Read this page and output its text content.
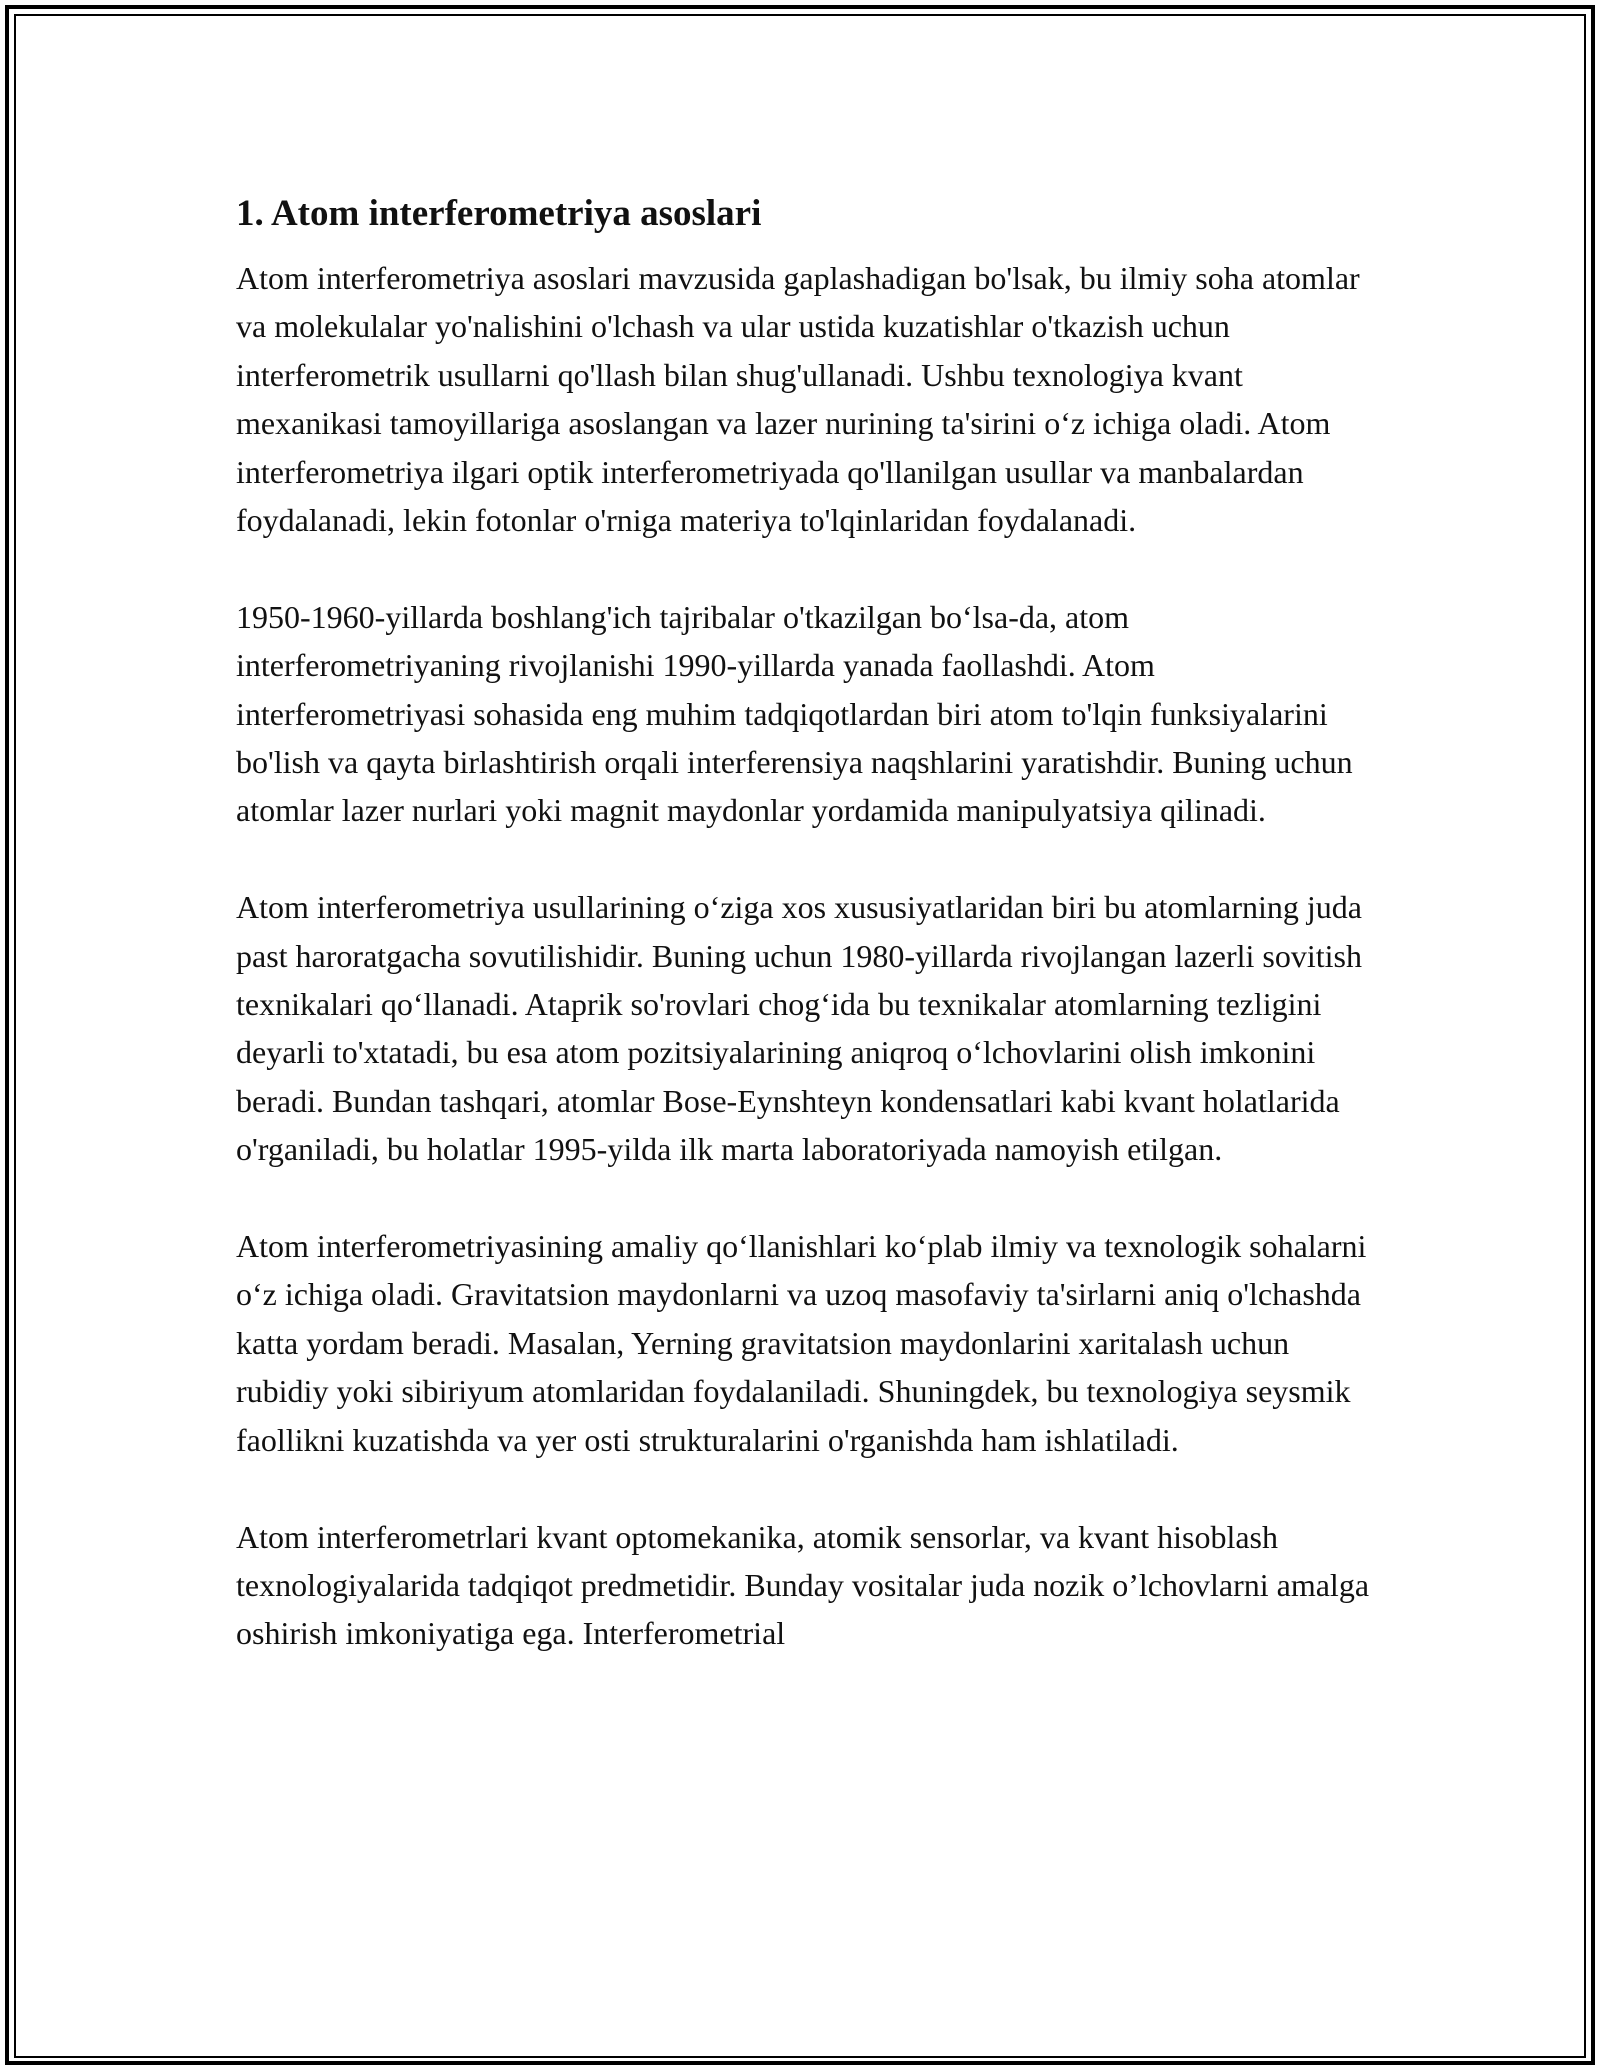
1. Atom interferometriya asoslari

Atom interferometriya asoslari mavzusida gaplashadigan bo'lsak, bu ilmiy soha atomlar va molekulalar yo'nalishini o'lchash va ular ustida kuzatishlar o'tkazish uchun interferometrik usullarni qo'llash bilan shug'ullanadi. Ushbu texnologiya kvant mexanikasi tamoyillariga asoslangan va lazer nurining ta'sirini o‘z ichiga oladi. Atom interferometriya ilgari optik interferometriyada qo'llanilgan usullar va manbalardan foydalanadi, lekin fotonlar o'rniga materiya to'lqinlaridan foydalanadi.

1950-1960-yillarda boshlang'ich tajribalar o'tkazilgan bo‘lsa-da, atom interferometriyaning rivojlanishi 1990-yillarda yanada faollashdi. Atom interferometriyasi sohasida eng muhim tadqiqotlardan biri atom to'lqin funksiyalarini bo'lish va qayta birlashtirish orqali interferensiya naqshlarini yaratishdir. Buning uchun atomlar lazer nurlari yoki magnit maydonlar yordamida manipulyatsiya qilinadi.

Atom interferometriya usullarining o‘ziga xos xususiyatlaridan biri bu atomlarning juda past haroratgacha sovutilishidir. Buning uchun 1980-yillarda rivojlangan lazerli sovitish texnikalari qo‘llanadi. Ataprik so'rovlari chog‘ida bu texnikalar atomlarning tezligini deyarli to'xtatadi, bu esa atom pozitsiyalarining aniqroq o‘lchovlarini olish imkonini beradi. Bundan tashqari, atomlar Bose-Eynshteyn kondensatlari kabi kvant holatlarida o'rganiladi, bu holatlar 1995-yilda ilk marta laboratoriyada namoyish etilgan.

Atom interferometriyasining amaliy qo‘llanishlari ko‘plab ilmiy va texnologik sohalarni o‘z ichiga oladi. Gravitatsion maydonlarni va uzoq masofaviy ta'sirlarni aniq o'lchashda katta yordam beradi. Masalan, Yerning gravitatsion maydonlarini xaritalash uchun rubidiy yoki sibiriyum atomlaridan foydalaniladi. Shuningdek, bu texnologiya seysmik faollikni kuzatishda va yer osti strukturalarini o'rganishda ham ishlatiladi.

Atom interferometrlari kvant optomekanika, atomik sensorlar, va kvant hisoblash texnologiyalarida tadqiqot predmetidir. Bunday vositalar juda nozik o’lchovlarni amalga oshirish imkoniyatiga ega. Interferometrial
